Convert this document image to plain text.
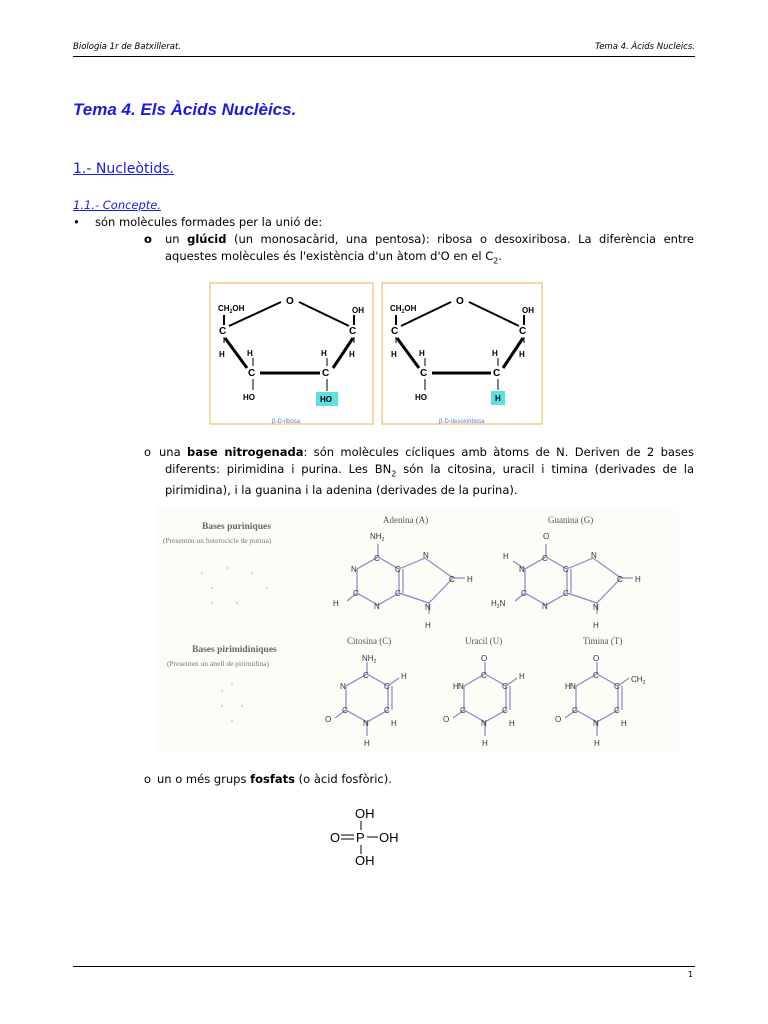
Biologia 1r de Batxillerat.	Tema 4. Àcids Nucleics.
Tema 4. Els Àcids Nuclèics.
1.- Nucleòtids.
1.1.- Concepte.
• són molècules formades per la unió de:
o un glúcid (un monosacàrid, una pentosa): ribosa o desoxiribosa. La diferència entre aquestes molècules és l'existència d'un àtom d'O en el $C_2$.
$CH_2OH$
O
OH
C
H
C
H
H
C
H
C
HO	HO
β-D-ribosa
$CH_2OH$
O
OH
C
H
C
H
H
C
H
C
HO	H
β-D-desoxiribosa
o una base nitrogenada: són molècules cícliques amb àtoms de N. Deriven de 2 bases diferents: pirimidina i purina. Les $BN_2$ són la citosina, uracil i timina (derivades de la pirimidina), i la guanina i la adenina (derivades de la purina).
Bases purìniques
(Presenten un heterocicle de purina)
Bases pirimidíniques
(Presenten un anell de pirimidina)
Adenina (A)	Guanina (G)
Citosina (C)	Uracil (U)	Timina (T)
$NH_2$
C
C
C
N
N
C
N
C
N
H
H
H
O
C
C
C
N
N
C
N
C
N
H
$H_2N$
H
H
$NH_2$
C
C
C
N
N
C
O
H
H
H
O
C
C
C
N
N
C
O
H
H
H
H
O
C
C
C
N
N
C
O
H
$CH_3$
H
H
o un o més grups fosfats (o àcid fosfòric).
OH
O P OH
OH
1
